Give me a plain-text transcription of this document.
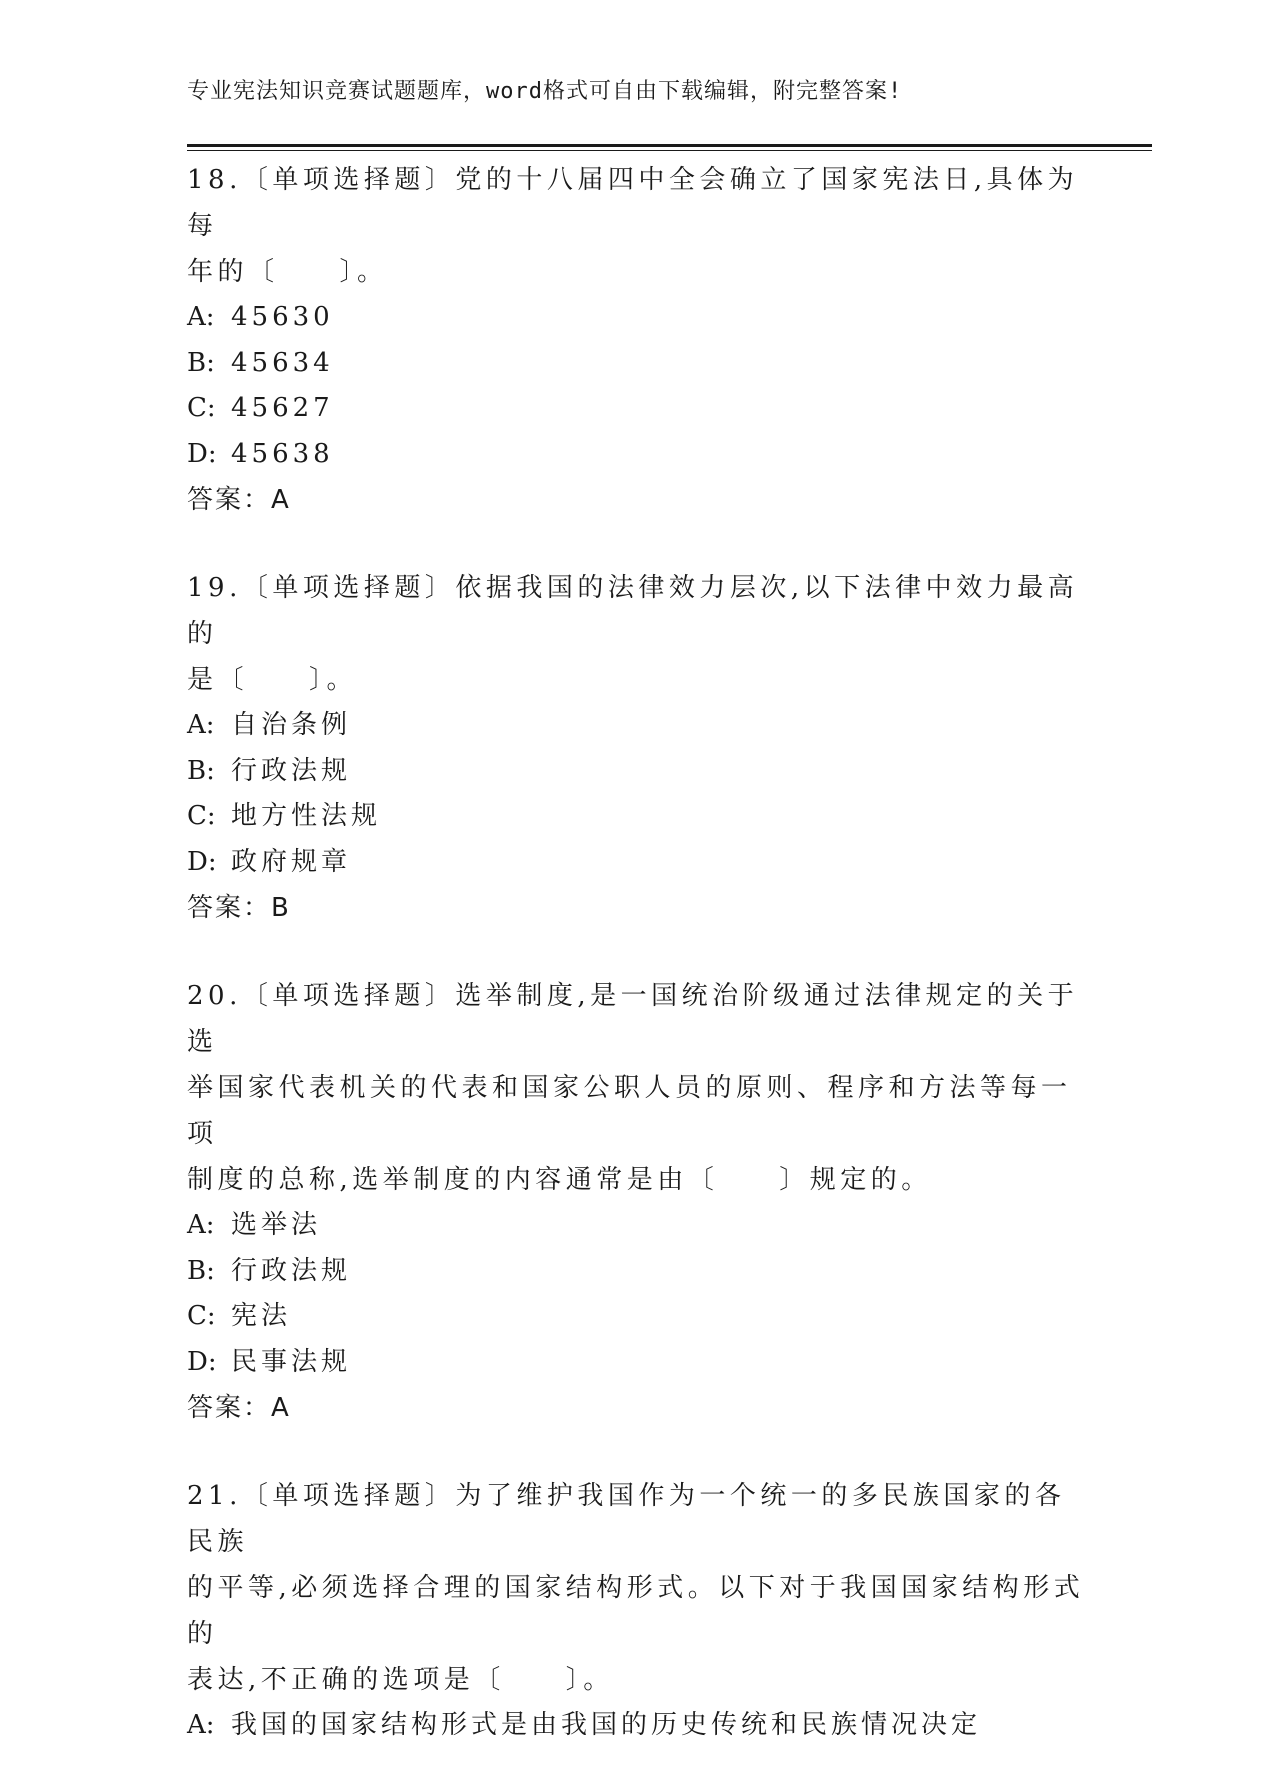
专业宪法知识竞赛试题题库，word格式可自由下载编辑，附完整答案!

18.〔单项选择题〕党的十八届四中全会确立了国家宪法日,具体为每

年的〔　　〕。

A: 45630

B: 45634

C: 45627

D: 45638

答案：A

19.〔单项选择题〕依据我国的法律效力层次,以下法律中效力最高的

是〔　　〕。

A: 自治条例

B: 行政法规

C: 地方性法规

D: 政府规章

答案：B

20.〔单项选择题〕选举制度,是一国统治阶级通过法律规定的关于选

举国家代表机关的代表和国家公职人员的原则、程序和方法等每一项

制度的总称,选举制度的内容通常是由〔　　〕规定的。

A: 选举法

B: 行政法规

C: 宪法

D: 民事法规

答案：A

21.〔单项选择题〕为了维护我国作为一个统一的多民族国家的各民族

的平等,必须选择合理的国家结构形式。以下对于我国国家结构形式的

表达,不正确的选项是〔　　〕。

A: 我国的国家结构形式是由我国的历史传统和民族情况决定
